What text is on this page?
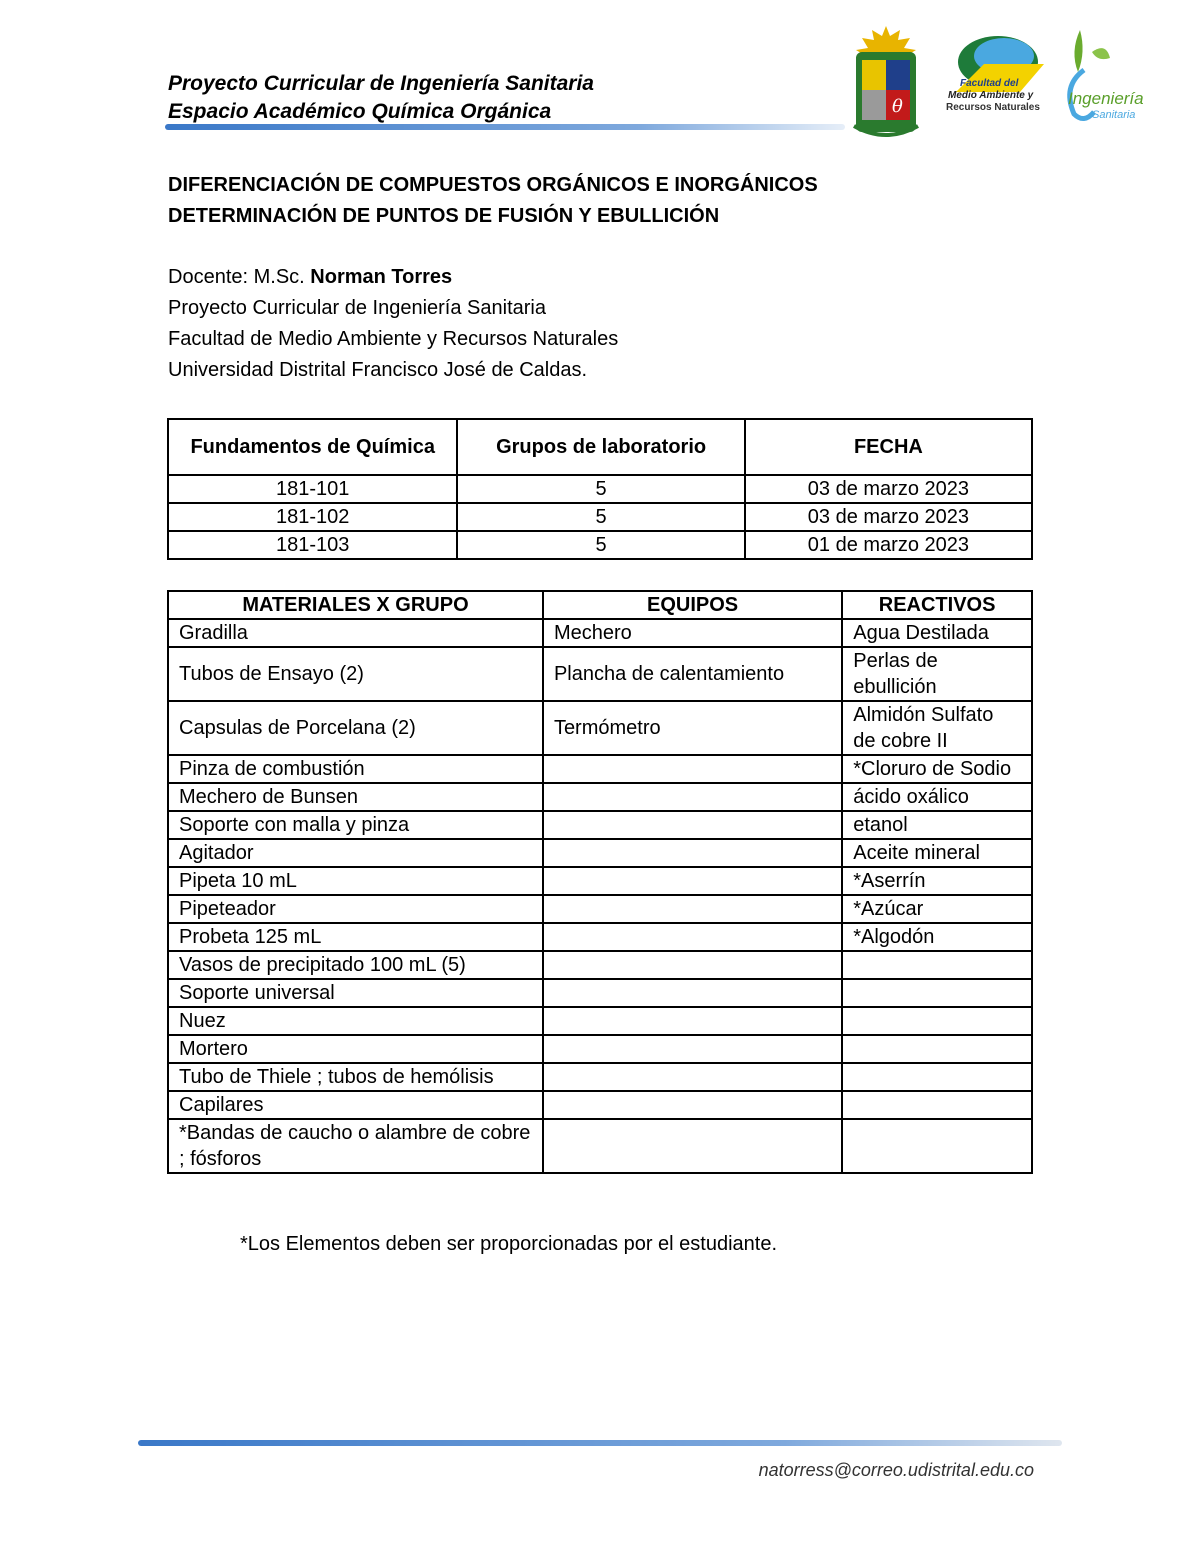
Proyecto Curricular de Ingeniería Sanitaria
Espacio Académico Química Orgánica	θ
Facultad del
Medio Ambiente y
Recursos Naturales Ingeniería
Sanitaria
DIFERENCIACIÓN DE COMPUESTOS ORGÁNICOS E INORGÁNICOS
DETERMINACIÓN DE PUNTOS DE FUSIÓN Y EBULLICIÓN
Docente: M.Sc. Norman Torres
Proyecto Curricular de Ingeniería Sanitaria
Facultad de Medio Ambiente y Recursos Naturales
Universidad Distrital Francisco José de Caldas.
Fundamentos de Química	Grupos de laboratorio	FECHA
181-101	5	03 de marzo 2023
181-102	5	03 de marzo 2023
181-103	5	01 de marzo 2023
MATERIALES X GRUPO	EQUIPOS	REACTIVOS
Gradilla	Mechero	Agua Destilada
Tubos de Ensayo (2)	Plancha de calentamiento	Perlas de ebullición
Capsulas de Porcelana (2)	Termómetro	Almidón Sulfato de cobre II
Pinza de combustión		*Cloruro de Sodio
Mechero de Bunsen		ácido oxálico
Soporte con malla y pinza		etanol
Agitador		Aceite mineral
Pipeta 10 mL		*Aserrín
Pipeteador		*Azúcar
Probeta 125 mL		*Algodón
Vasos de precipitado 100 mL (5)		
Soporte universal		
Nuez		
Mortero		
Tubo de Thiele ; tubos de hemólisis		
Capilares		
*Bandas de caucho o alambre de cobre ; fósforos		
*Los Elementos deben ser proporcionadas por el estudiante.
natorress@correo.udistrital.edu.co
